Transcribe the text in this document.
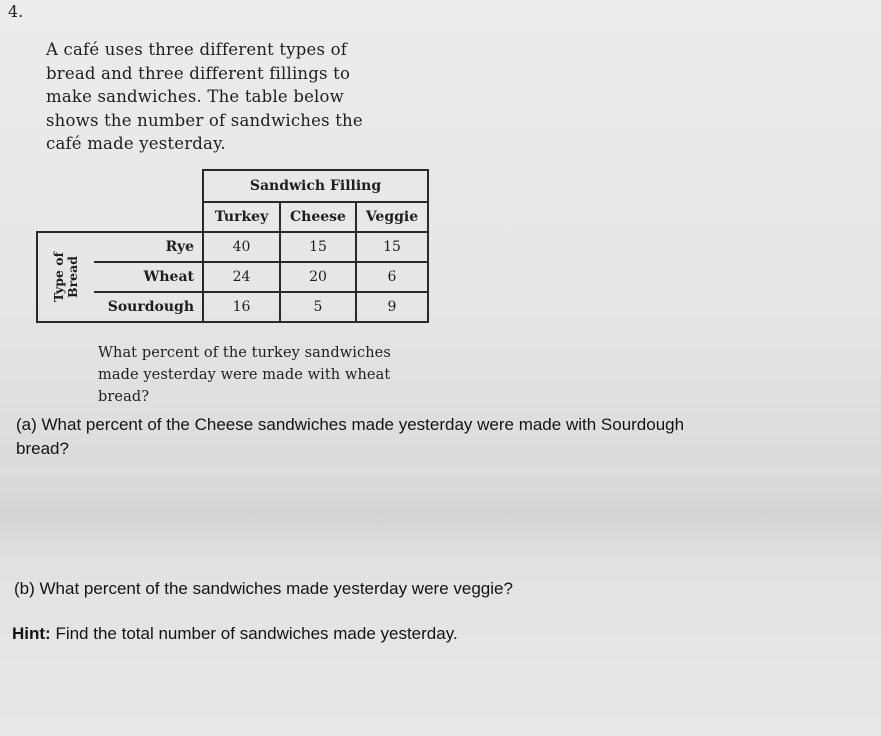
4.
A café uses three different types of
bread and three different fillings to
make sandwiches. The table below
shows the number of sandwiches the
café made yesterday.
		Sandwich Filling		
		Turkey	Cheese	Veggie

Type of Bread	Rye	40	15	15
	Wheat	24	20	6
	Sourdough	16	5	9
What percent of the turkey sandwiches
made yesterday were made with wheat
bread?
(a) What percent of the Cheese sandwiches made yesterday were made with Sourdough
bread?
(b) What percent of the sandwiches made yesterday were veggie?
Hint: Find the total number of sandwiches made yesterday.
